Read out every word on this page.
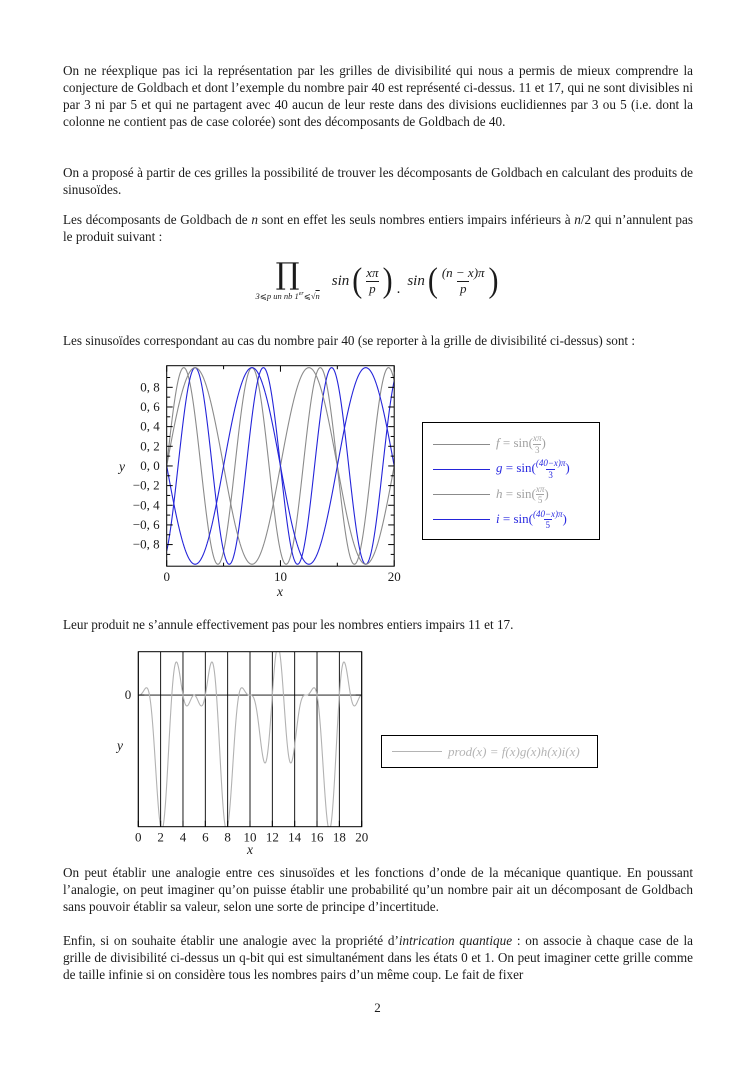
On ne réexplique pas ici la représentation par les grilles de divisibilité qui nous a permis de mieux comprendre la conjecture de Goldbach et dont l’exemple du nombre pair 40 est représenté ci-dessus. 11 et 17, qui ne sont divisibles ni par 3 ni par 5 et qui ne partagent avec 40 aucun de leur reste dans des divisions euclidiennes par 3 ou 5 (i.e. dont la colonne ne contient pas de case colorée) sont des décomposants de Goldbach de 40.

On a proposé à partir de ces grilles la possibilité de trouver les décomposants de Goldbach en calculant des produits de sinusoïdes.

Les décomposants de Goldbach de n sont en effet les seuls nombres entiers impairs inférieurs à n/2 qui n’annulent pas le produit suivant :

∏
3⩽p un nb 1er⩽√n
sin ( $\frac{x\pi}{p}$ ) .
sin ( $\frac{(n - x)\pi}{p}$ )

Les sinusoïdes correspondant au cas du nombre pair 40 (se reporter à la grille de divisibilité ci-dessus) sont :

0	10	20
0, 8
0, 6
0, 4
0, 2
0, 0
−0, 2
−0, 4
−0, 6
−0, 8
x
y
$f = \sin( \frac{x\pi}{3}$ )
$g = \sin( \frac{(40-x)\pi}{3}$ )
$h = \sin( \frac{x\pi}{5}$ )
$i = \sin( \frac{(40-x)\pi}{5}$ )

Leur produit ne s’annule effectivement pas pour les nombres entiers impairs 11 et 17.

0 2 4 6 8 10 12 14 16 18 20
0
x
y	prod(x) = f(x)g(x)h(x)i(x)

On peut établir une analogie entre ces sinusoïdes et les fonctions d’onde de la mécanique quantique. En poussant l’analogie, on peut imaginer qu’on puisse établir une probabilité qu’un nombre pair ait un décomposant de Goldbach sans pouvoir établir sa valeur, selon une sorte de principe d’incertitude.

Enfin, si on souhaite établir une analogie avec la propriété d’intrication quantique : on associe à chaque case de la grille de divisibilité ci-dessus un q-bit qui est simultanément dans les états 0 et 1. On peut imaginer cette grille comme de taille infinie si on considère tous les nombres pairs d’un même coup. Le fait de fixer

2
